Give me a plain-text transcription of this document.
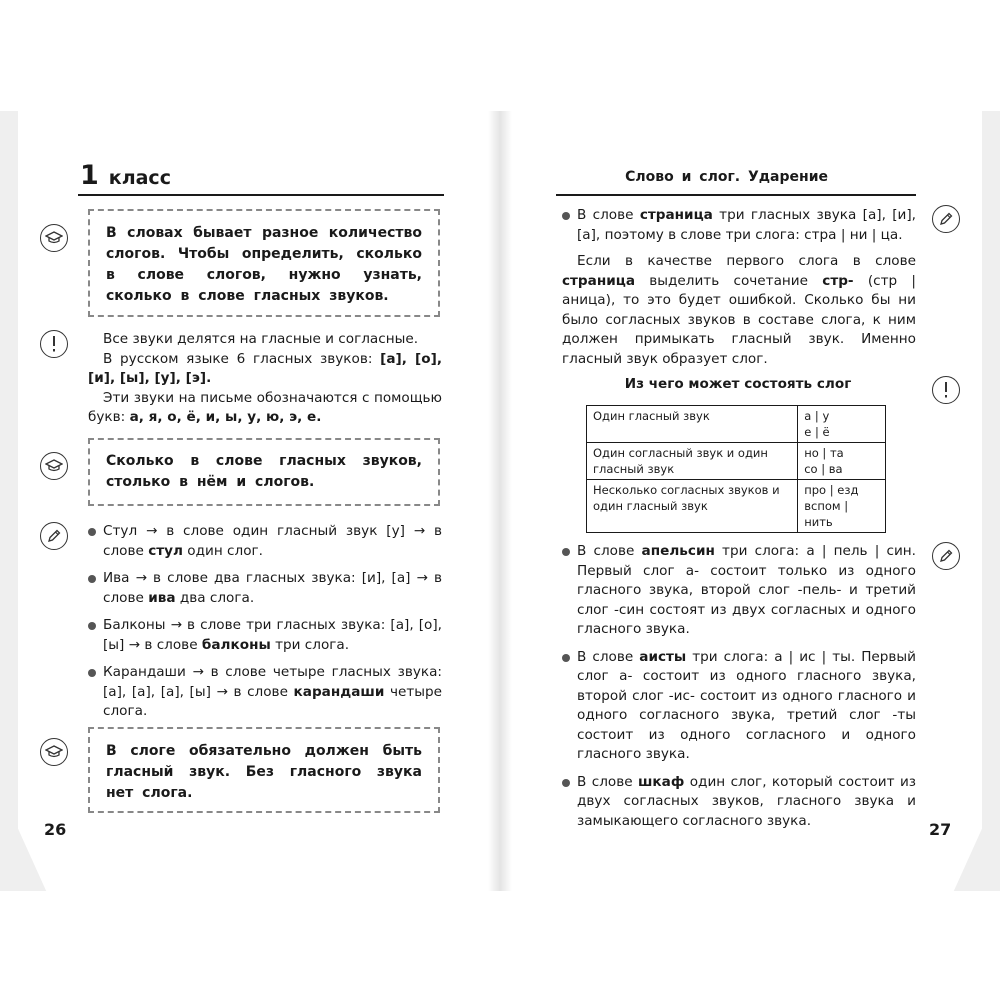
1 класс
В словах бывает разное количество слогов. Чтобы определить, сколько в слове слогов, нужно узнать, сколько в слове гласных звуков.

Все звуки делятся на гласные и согласные.

В русском языке 6 гласных звуков: [а], [о], [и], [ы], [у], [э].

Эти звуки на письме обозначаются с помощью букв: а, я, о, ё, и, ы, у, ю, э, е.

Сколько в слове гласных звуков, столько в нём и слогов.
Стул → в слове один гласный звук [у] → в слове стул один слог.
Ива → в слове два гласных звука: [и], [а] → в слове ива два слога.
Балконы → в слове три гласных звука: [а], [о], [ы] → в слове балконы три слога.
Карандаши → в слове четыре гласных звука: [а], [а], [а], [ы] → в слове карандаши четыре слога.
В слоге обязательно должен быть гласный звук. Без гласного звука нет слога.
26
Слово и слог. Ударение
В слове страница три гласных звука [а], [и], [а], поэтому в слове три слога: стра | ни | ца.

Если в качестве первого слога в слове страница выделить сочетание стр- (стр | аница), то это будет ошибкой. Сколько бы ни было согласных звуков в составе слога, к ним должен примыкать гласный звук. Именно гласный звук образует слог.

Из чего может состоять слог
Один гласный звук	а | у
е | ё

Один согласный звук и один гласный звук	но | та
со | ва

Несколько согласных звуков и один гласный звук	про | езд
вспом | нить
В слове апельсин три слога: а | пель | син. Первый слог а- состоит только из одного гласного звука, второй слог -пель- и третий слог -син состоят из двух согласных и одного гласного звука.
В слове аисты три слога: а | ис | ты. Первый слог а- состоит из одного гласного звука, второй слог -ис- состоит из одного гласного и одного согласного звука, третий слог -ты состоит из одного согласного и одного гласного звука.
В слове шкаф один слог, который состоит из двух согласных звуков, гласного звука и замыкающего согласного звука.	27
